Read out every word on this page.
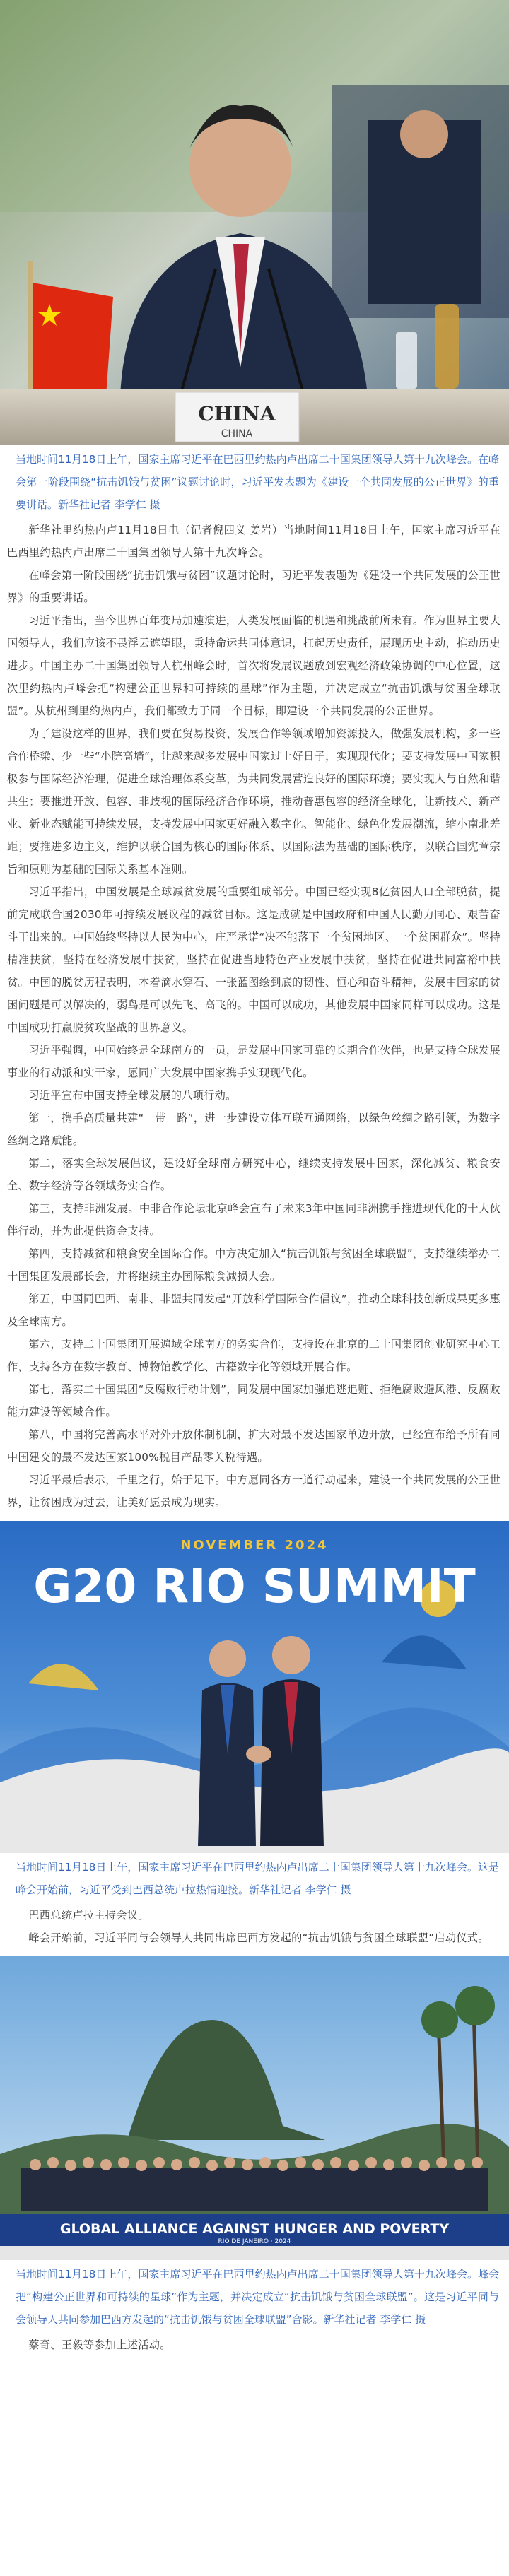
CHINA
CHINA

当地时间11月18日上午，国家主席习近平在巴西里约热内卢出席二十国集团领导人第十九次峰会。在峰会第一阶段围绕“抗击饥饿与贫困”议题讨论时，习近平发表题为《建设一个共同发展的公正世界》的重要讲话。新华社记者 李学仁 摄

新华社里约热内卢11月18日电（记者倪四义 姜岩）当地时间11月18日上午，国家主席习近平在巴西里约热内卢出席二十国集团领导人第十九次峰会。

在峰会第一阶段围绕“抗击饥饿与贫困”议题讨论时，习近平发表题为《建设一个共同发展的公正世界》的重要讲话。

习近平指出，当今世界百年变局加速演进，人类发展面临的机遇和挑战前所未有。作为世界主要大国领导人，我们应该不畏浮云遮望眼，秉持命运共同体意识，扛起历史责任，展现历史主动，推动历史进步。中国主办二十国集团领导人杭州峰会时，首次将发展议题放到宏观经济政策协调的中心位置，这次里约热内卢峰会把“构建公正世界和可持续的星球”作为主题，并决定成立“抗击饥饿与贫困全球联盟”。从杭州到里约热内卢，我们都致力于同一个目标，即建设一个共同发展的公正世界。

为了建设这样的世界，我们要在贸易投资、发展合作等领域增加资源投入，做强发展机构，多一些合作桥梁、少一些“小院高墙”，让越来越多发展中国家过上好日子，实现现代化；要支持发展中国家积极参与国际经济治理，促进全球治理体系变革，为共同发展营造良好的国际环境；要实现人与自然和谐共生；要推进开放、包容、非歧视的国际经济合作环境，推动普惠包容的经济全球化，让新技术、新产业、新业态赋能可持续发展，支持发展中国家更好融入数字化、智能化、绿色化发展潮流，缩小南北差距；要推进多边主义，维护以联合国为核心的国际体系、以国际法为基础的国际秩序，以联合国宪章宗旨和原则为基础的国际关系基本准则。

习近平指出，中国发展是全球减贫发展的重要组成部分。中国已经实现8亿贫困人口全部脱贫，提前完成联合国2030年可持续发展议程的减贫目标。这是成就是中国政府和中国人民勤力同心、艰苦奋斗干出来的。中国始终坚持以人民为中心，庄严承诺“决不能落下一个贫困地区、一个贫困群众”。坚持精准扶贫，坚持在经济发展中扶贫，坚持在促进当地特色产业发展中扶贫，坚持在促进共同富裕中扶贫。中国的脱贫历程表明，本着滴水穿石、一张蓝图绘到底的韧性、恒心和奋斗精神，发展中国家的贫困问题是可以解决的，弱鸟是可以先飞、高飞的。中国可以成功，其他发展中国家同样可以成功。这是中国成功打赢脱贫攻坚战的世界意义。

习近平强调，中国始终是全球南方的一员，是发展中国家可靠的长期合作伙伴，也是支持全球发展事业的行动派和实干家，愿同广大发展中国家携手实现现代化。

习近平宣布中国支持全球发展的八项行动。

第一，携手高质量共建“一带一路”，进一步建设立体互联互通网络，以绿色丝绸之路引领，为数字丝绸之路赋能。

第二，落实全球发展倡议，建设好全球南方研究中心，继续支持发展中国家，深化减贫、粮食安全、数字经济等各领域务实合作。

第三，支持非洲发展。中非合作论坛北京峰会宣布了未来3年中国同非洲携手推进现代化的十大伙伴行动，并为此提供资金支持。

第四，支持减贫和粮食安全国际合作。中方决定加入“抗击饥饿与贫困全球联盟”，支持继续举办二十国集团发展部长会，并将继续主办国际粮食减损大会。

第五，中国同巴西、南非、非盟共同发起“开放科学国际合作倡议”，推动全球科技创新成果更多惠及全球南方。

第六，支持二十国集团开展遍域全球南方的务实合作，支持设在北京的二十国集团创业研究中心工作，支持各方在数字教育、博物馆教学化、古籍数字化等领域开展合作。

第七，落实二十国集团“反腐败行动计划”，同发展中国家加强追逃追赃、拒绝腐败避风港、反腐败能力建设等领域合作。

第八，中国将完善高水平对外开放体制机制，扩大对最不发达国家单边开放，已经宣布给予所有同中国建交的最不发达国家100%税目产品零关税待遇。

习近平最后表示，千里之行，始于足下。中方愿同各方一道行动起来，建设一个共同发展的公正世界，让贫困成为过去，让美好愿景成为现实。

NOVEMBER 2024
G20 RIO SUMMIT

当地时间11月18日上午，国家主席习近平在巴西里约热内卢出席二十国集团领导人第十九次峰会。这是峰会开始前，习近平受到巴西总统卢拉热情迎接。新华社记者 李学仁 摄

巴西总统卢拉主持会议。

峰会开始前，习近平同与会领导人共同出席巴西方发起的“抗击饥饿与贫困全球联盟”启动仪式。

GLOBAL ALLIANCE AGAINST HUNGER AND POVERTY
RIO DE JANEIRO · 2024

当地时间11月18日上午，国家主席习近平在巴西里约热内卢出席二十国集团领导人第十九次峰会。峰会把“构建公正世界和可持续的星球”作为主题，并决定成立“抗击饥饿与贫困全球联盟”。这是习近平同与会领导人共同参加巴西方发起的“抗击饥饿与贫困全球联盟”合影。新华社记者 李学仁 摄

蔡奇、王毅等参加上述活动。
